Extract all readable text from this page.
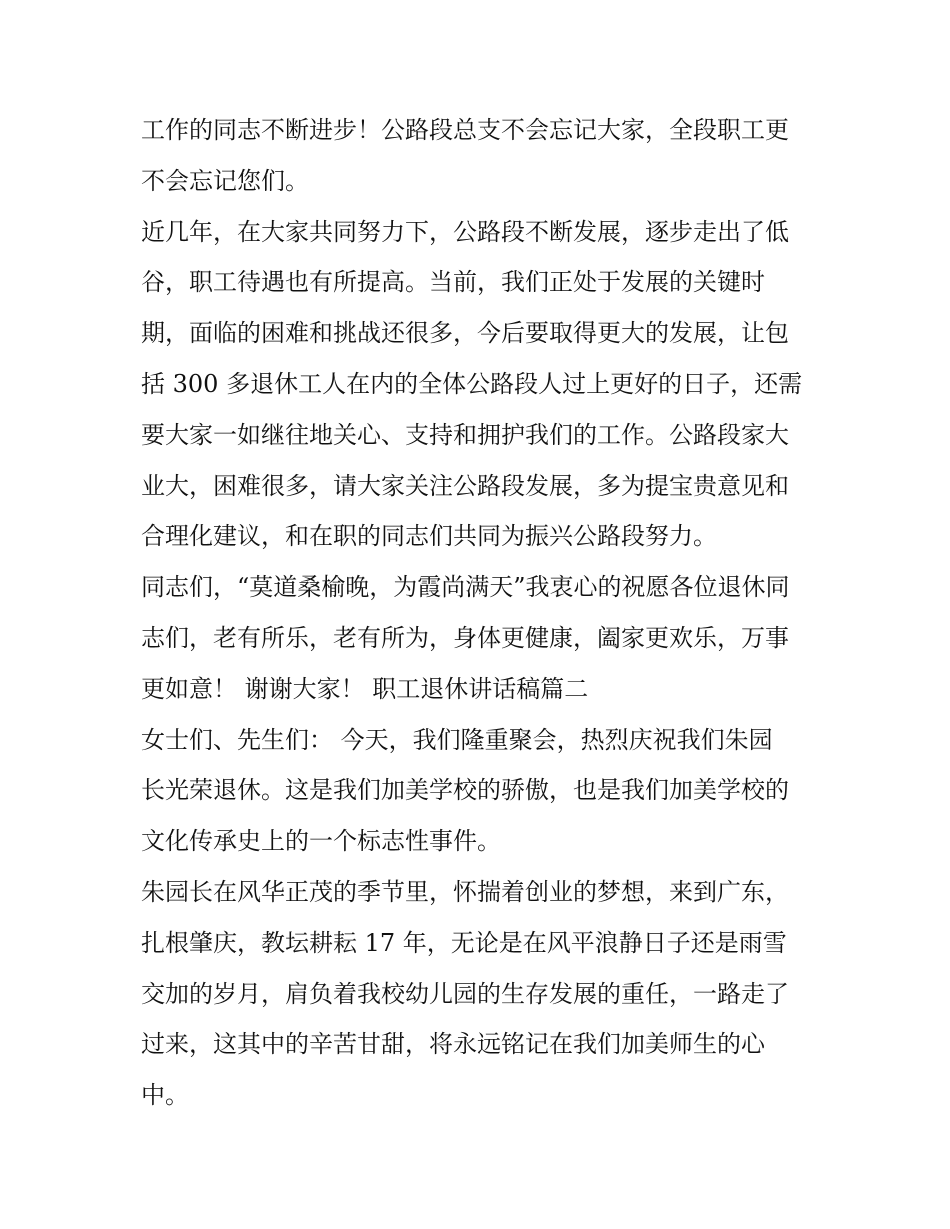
工作的同志不断进步！公路段总支不会忘记大家，全段职工更
不会忘记您们。
近几年，在大家共同努力下，公路段不断发展，逐步走出了低
谷，职工待遇也有所提高。当前，我们正处于发展的关键时
期，面临的困难和挑战还很多，今后要取得更大的发展，让包
括 300 多退休工人在内的全体公路段人过上更好的日子，还需
要大家一如继往地关心、支持和拥护我们的工作。公路段家大
业大，困难很多，请大家关注公路段发展，多为提宝贵意见和
合理化建议，和在职的同志们共同为振兴公路段努力。
同志们，“莫道桑榆晚，为霞尚满天”我衷心的祝愿各位退休同
志们，老有所乐，老有所为，身体更健康，阖家更欢乐，万事
更如意！ 谢谢大家！ 职工退休讲话稿篇二
女士们、先生们： 今天，我们隆重聚会，热烈庆祝我们朱园
长光荣退休。这是我们加美学校的骄傲，也是我们加美学校的
文化传承史上的一个标志性事件。
朱园长在风华正茂的季节里，怀揣着创业的梦想，来到广东，
扎根肇庆，教坛耕耘 17 年，无论是在风平浪静日子还是雨雪
交加的岁月，肩负着我校幼儿园的生存发展的重任，一路走了
过来，这其中的辛苦甘甜，将永远铭记在我们加美师生的心
中。
